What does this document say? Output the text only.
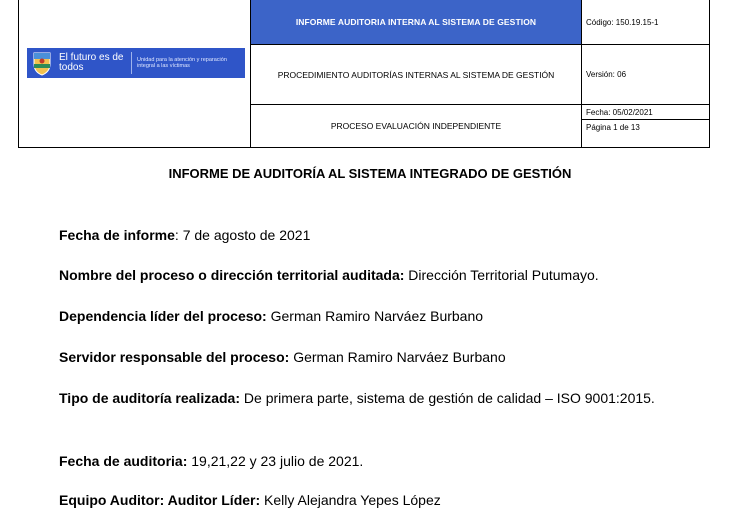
El futuro es de todos
Unidad para la atención y reparación integral a las víctimas
INFORME AUDITORIA INTERNA AL SISTEMA DE GESTION
PROCEDIMIENTO AUDITORÍAS INTERNAS AL SISTEMA DE GESTIÓN
PROCESO EVALUACIÓN INDEPENDIENTE
Código: 150.19.15-1
Versión: 06
Fecha: 05/02/2021
Página 1 de 13
INFORME DE AUDITORÍA AL SISTEMA INTEGRADO DE GESTIÓN
Fecha de informe: 7 de agosto de 2021
Nombre del proceso o dirección territorial auditada: Dirección Territorial Putumayo.
Dependencia líder del proceso: German Ramiro Narváez Burbano
Servidor responsable del proceso: German Ramiro Narváez Burbano
Tipo de auditoría realizada: De primera parte, sistema de gestión de calidad – ISO 9001:2015.
Fecha de auditoria: 19,21,22 y 23 julio de 2021.
Equipo Auditor: Auditor Líder: Kelly Alejandra Yepes López
